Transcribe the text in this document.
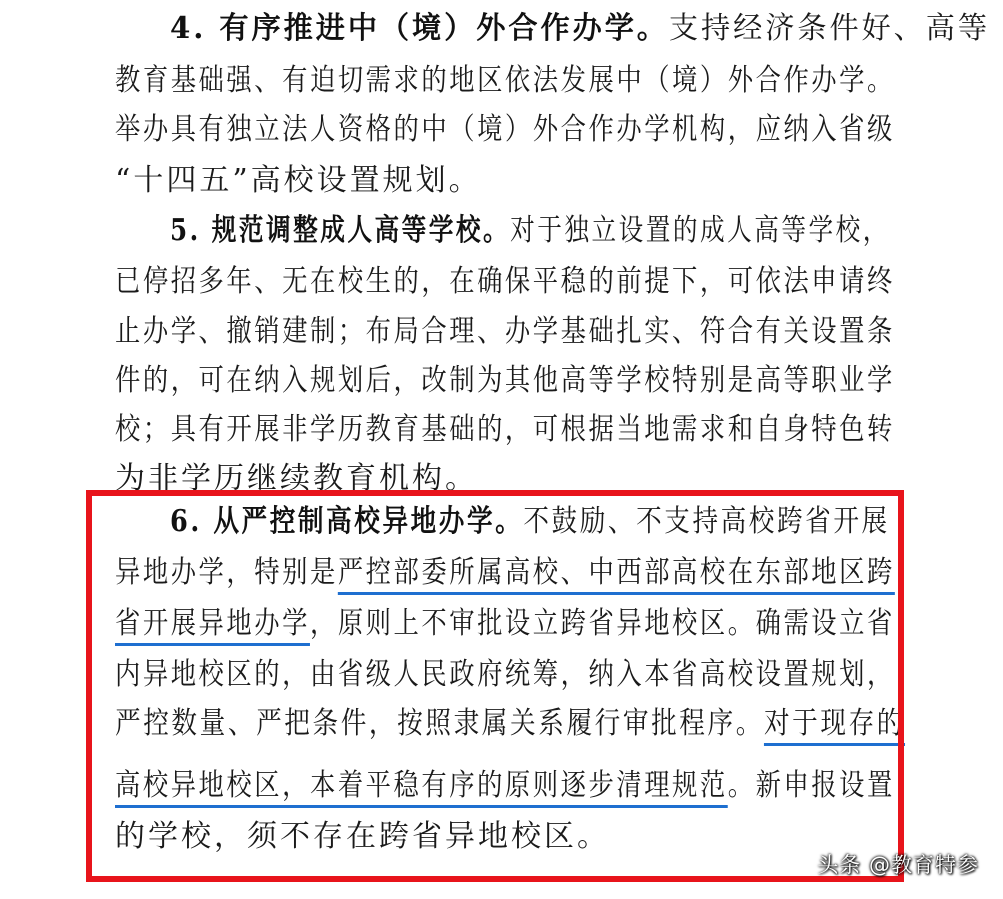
4. 有序推进中（境）外合作办学。支持经济条件好、高等
教育基础强、有迫切需求的地区依法发展中（境）外合作办学。
举办具有独立法人资格的中（境）外合作办学机构，应纳入省级
“十四五”高校设置规划。
5. 规范调整成人高等学校。对于独立设置的成人高等学校，
已停招多年、无在校生的，在确保平稳的前提下，可依法申请终
止办学、撤销建制；布局合理、办学基础扎实、符合有关设置条
件的，可在纳入规划后，改制为其他高等学校特别是高等职业学
校；具有开展非学历教育基础的，可根据当地需求和自身特色转
为非学历继续教育机构。
6. 从严控制高校异地办学。不鼓励、不支持高校跨省开展
异地办学，特别是严控部委所属高校、中西部高校在东部地区跨
省开展异地办学，原则上不审批设立跨省异地校区。确需设立省
内异地校区的，由省级人民政府统筹，纳入本省高校设置规划，
严控数量、严把条件，按照隶属关系履行审批程序。对于现存的
高校异地校区，本着平稳有序的原则逐步清理规范。新申报设置
的学校，须不存在跨省异地校区。
头条 @教育特参
